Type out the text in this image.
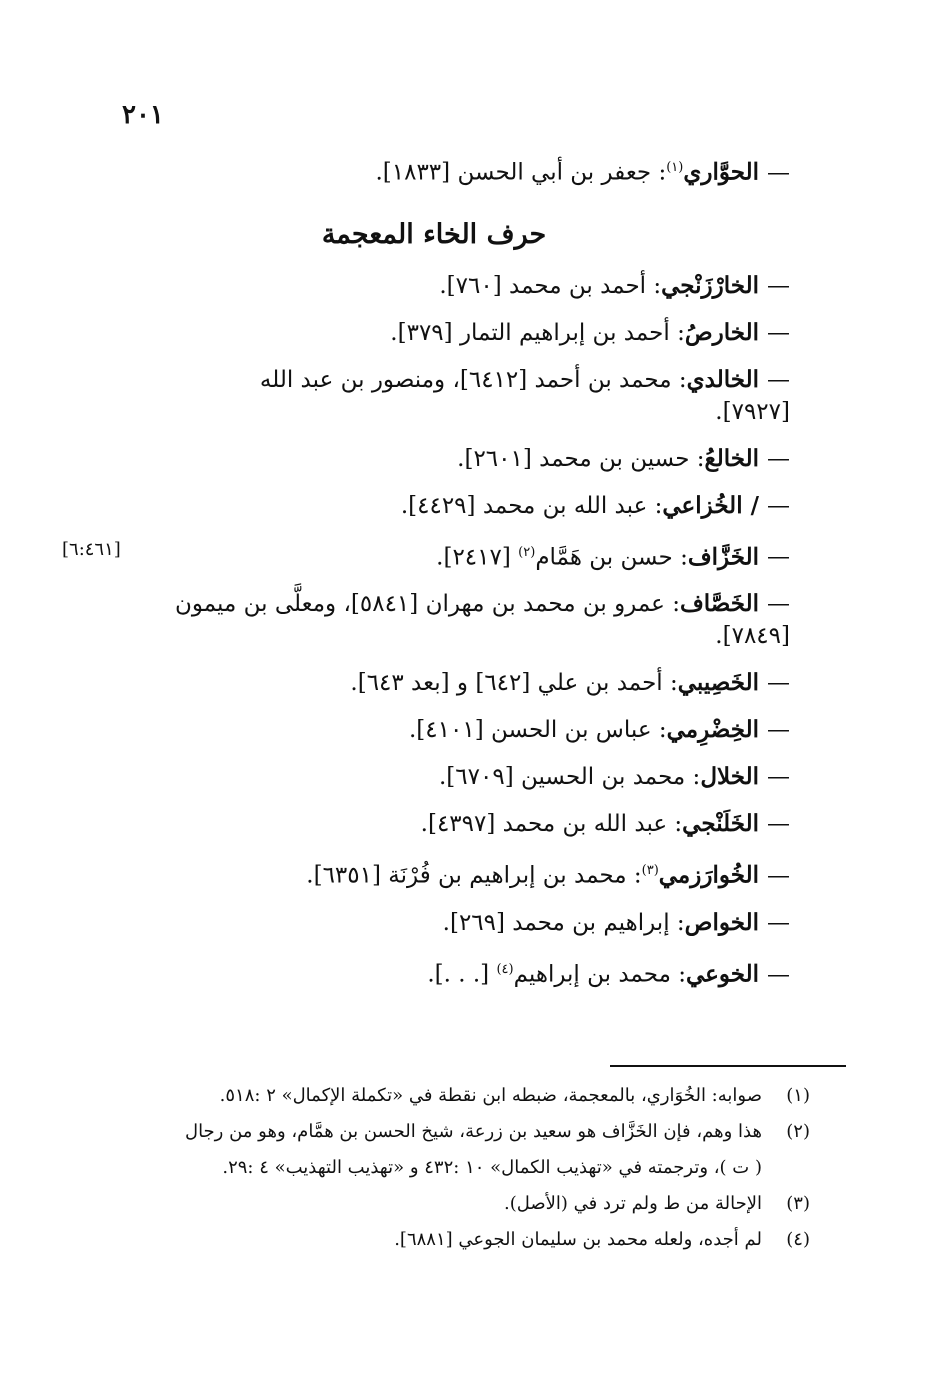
٢٠١
[٦:٤٦١]
—الحوَّاري$^{(١)}$: جعفر بن أبي الحسن [١٨٣٣].
حرف الخاء المعجمة
—الخارْزَنْجي: أحمد بن محمد [٧٦٠].
—الخارصُ: أحمد بن إبراهيم التمار [٣٧٩].
—الخالدي: محمد بن أحمد [٦٤١٢]، ومنصور بن عبد الله
[٧٩٢٧].
—الخالعُ: حسين بن محمد [٢٦٠١].
—/ الخُزاعي: عبد الله بن محمد [٤٤٢٩].
—الخَزَّاف: حسن بن هَمَّام$^{(٢)}$ [٢٤١٧].
—الخَصَّاف: عمرو بن محمد بن مهران [٥٨٤١]، ومعلَّى بن ميمون
[٧٨٤٩].
—الخَصِيبي: أحمد بن علي [٦٤٢] و [بعد ٦٤٣].
—الخِضْرِمي: عباس بن الحسن [٤١٠١].
—الخلال: محمد بن الحسين [٦٧٠٩].
—الخَلَنْجي: عبد الله بن محمد [٤٣٩٧].
—الخُوارَزمي$^{(٣)}$: محمد بن إبراهيم بن فُرْنَة [٦٣٥١].
—الخواص: إبراهيم بن محمد [٢٦٩].
—الخوعي: محمد بن إبراهيم$^{(٤)}$ [. . .].
(١)
صوابه: الخُوَاري، بالمعجمة، ضبطه ابن نقطة في «تكملة الإكمال» ٢ :٥١٨.
(٢)
هذا وهم، فإن الخَزَّاف هو سعيد بن زرعة، شيخ الحسن بن همَّام، وهو من رجال
( ت )، وترجمته في «تهذيب الكمال» ١٠ :٤٣٢ و «تهذيب التهذيب» ٤ :٢٩.
(٣)
الإحالة من ط ولم ترد في (الأصل).
(٤)
لم أجده، ولعله محمد بن سليمان الجوعي [٦٨٨١].
